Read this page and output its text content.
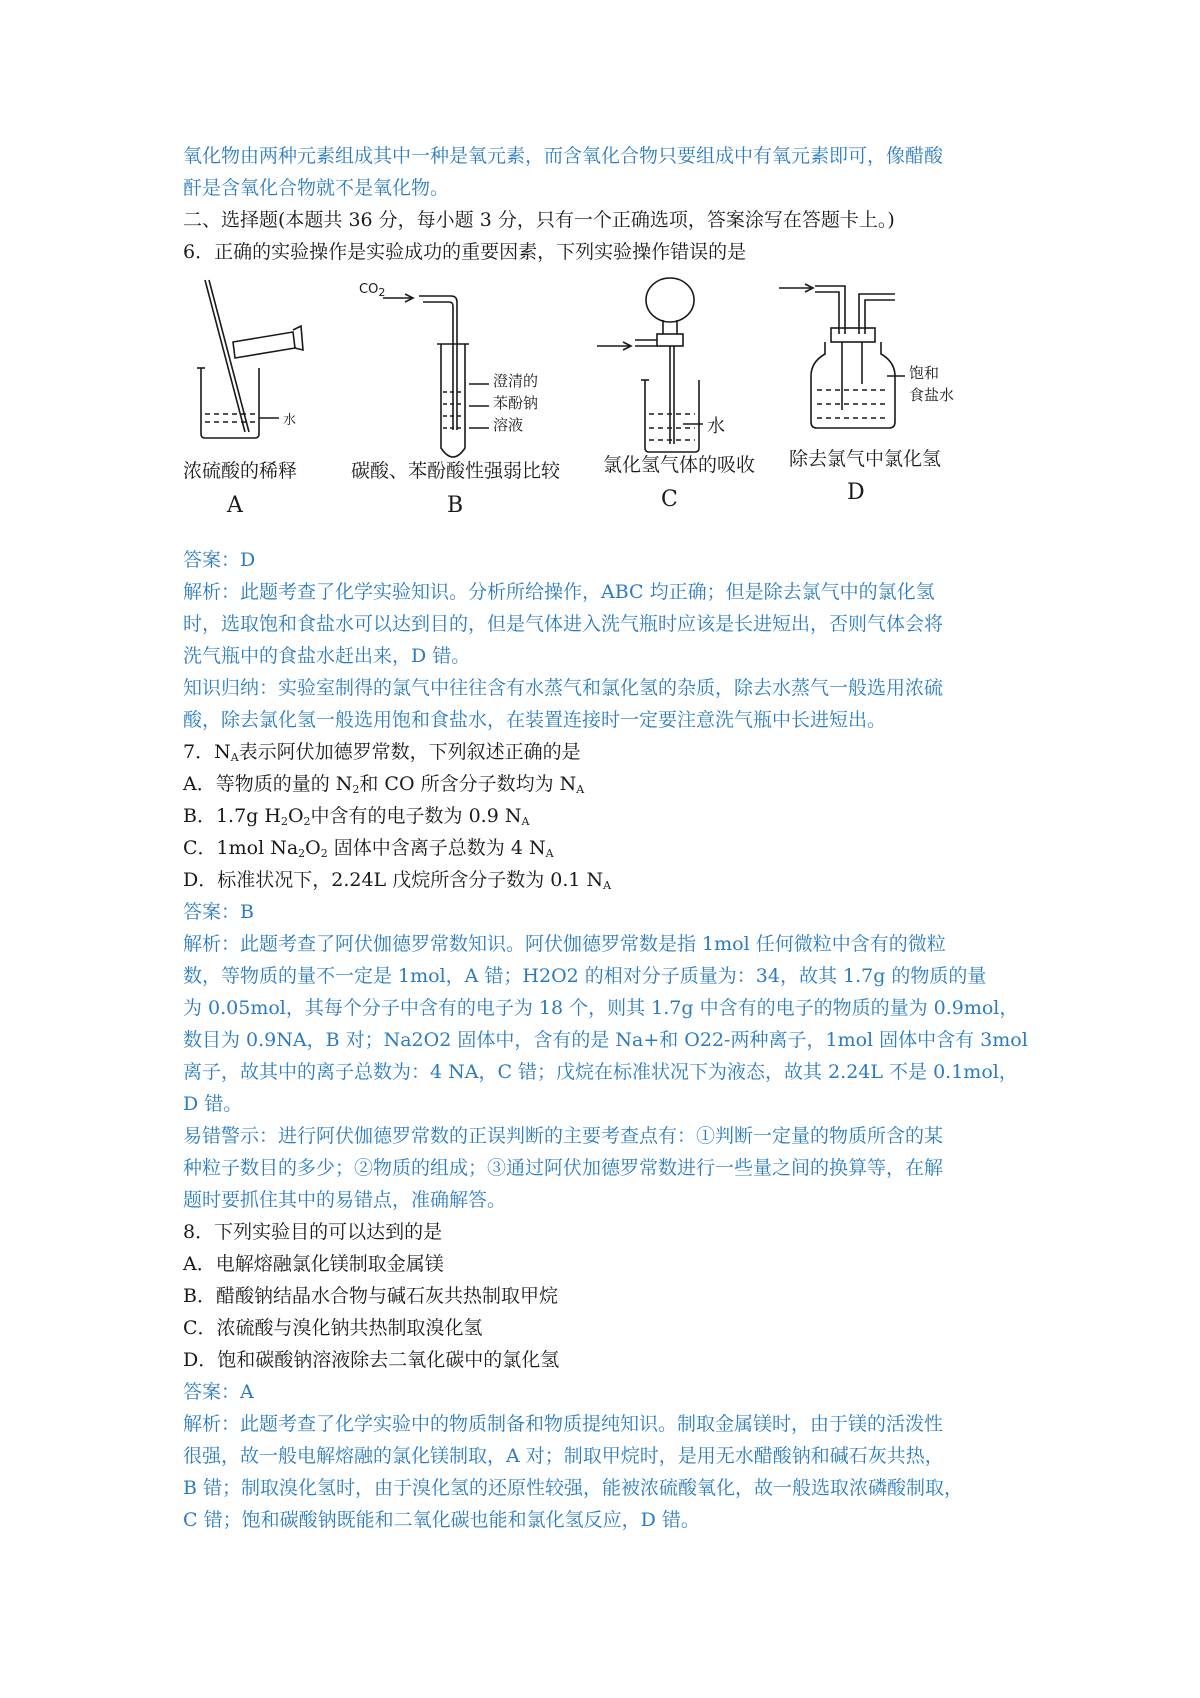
氧化物由两种元素组成其中一种是氧元素，而含氧化合物只要组成中有氧元素即可，像醋酸

酐是含氧化合物就不是氧化物。

二、选择题(本题共 36 分，每小题 3 分，只有一个正确选项，答案涂写在答题卡上。)

6．正确的实验操作是实验成功的重要因素，下列实验操作错误的是

水
浓硫酸的稀释
A
$CO_2$
澄清的
苯酚钠
溶液
碳酸、苯酚酸性强弱比较
B
水
氯化氢气体的吸收
C
饱和
食盐水
除去氯气中氯化氢
D

答案：D

解析：此题考查了化学实验知识。分析所给操作，ABC 均正确；但是除去氯气中的氯化氢

时，选取饱和食盐水可以达到目的，但是气体进入洗气瓶时应该是长进短出，否则气体会将

洗气瓶中的食盐水赶出来，D 错。

知识归纳：实验室制得的氯气中往往含有水蒸气和氯化氢的杂质，除去水蒸气一般选用浓硫

酸，除去氯化氢一般选用饱和食盐水，在装置连接时一定要注意洗气瓶中长进短出。

7．$N_A$表示阿伏加德罗常数，下列叙述正确的是

A．等物质的量的 $N_2$和 CO 所含分子数均为 $N_A$

B．1.7g $H_2O_2$中含有的电子数为 0.9 $N_A$

C．1mol $Na_2O_2$ 固体中含离子总数为 4 $N_A$

D．标准状况下，2.24L 戊烷所含分子数为 0.1 $N_A$

答案：B

解析：此题考查了阿伏伽德罗常数知识。阿伏伽德罗常数是指 1mol 任何微粒中含有的微粒

数，等物质的量不一定是 1mol，A 错；H2O2 的相对分子质量为：34，故其 1.7g 的物质的量

为 0.05mol，其每个分子中含有的电子为 18 个，则其 1.7g 中含有的电子的物质的量为 0.9mol，

数目为 0.9NA，B 对；Na2O2 固体中，含有的是 Na+和 O22-两种离子，1mol 固体中含有 3mol

离子，故其中的离子总数为：4 NA，C 错；戊烷在标准状况下为液态，故其 2.24L 不是 0.1mol，

D 错。

易错警示：进行阿伏伽德罗常数的正误判断的主要考查点有：①判断一定量的物质所含的某

种粒子数目的多少；②物质的组成；③通过阿伏加德罗常数进行一些量之间的换算等，在解

题时要抓住其中的易错点，准确解答。

8．下列实验目的可以达到的是

A．电解熔融氯化镁制取金属镁

B．醋酸钠结晶水合物与碱石灰共热制取甲烷

C．浓硫酸与溴化钠共热制取溴化氢

D．饱和碳酸钠溶液除去二氧化碳中的氯化氢

答案：A

解析：此题考查了化学实验中的物质制备和物质提纯知识。制取金属镁时，由于镁的活泼性

很强，故一般电解熔融的氯化镁制取，A 对；制取甲烷时，是用无水醋酸钠和碱石灰共热，

B 错；制取溴化氢时，由于溴化氢的还原性较强，能被浓硫酸氧化，故一般选取浓磷酸制取，

C 错；饱和碳酸钠既能和二氧化碳也能和氯化氢反应，D 错。
